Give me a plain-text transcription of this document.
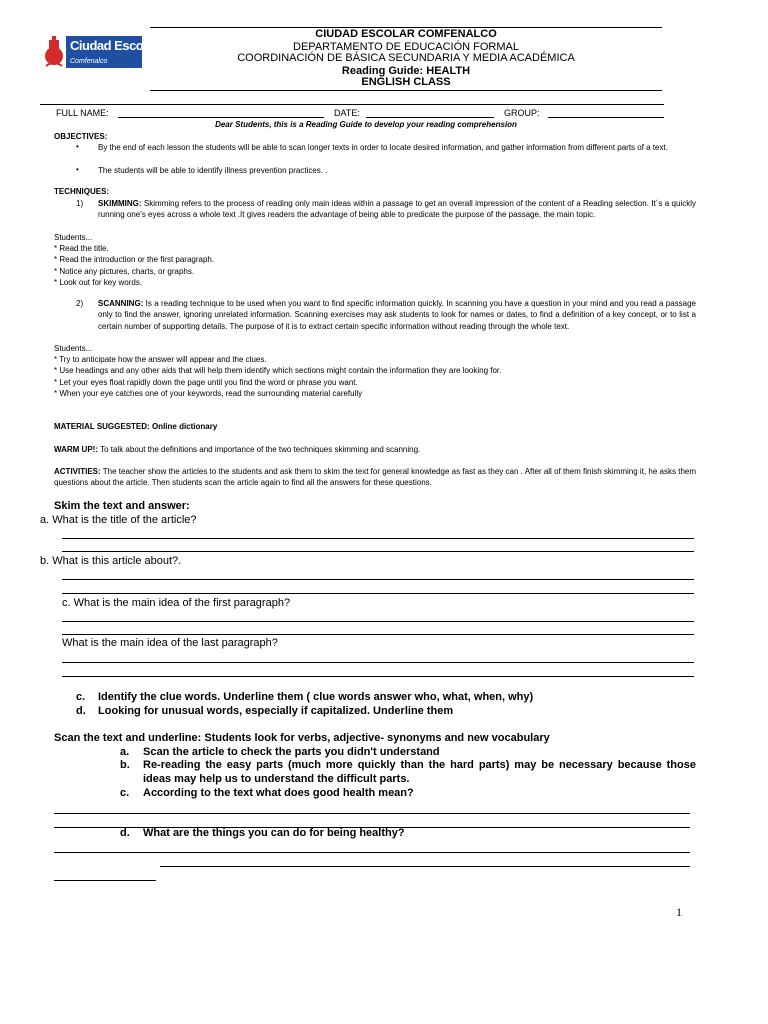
Ciudad Escolar
Comfenalco
CIUDAD ESCOLAR COMFENALCO
DEPARTAMENTO DE EDUCACIÓN FORMAL
COORDINACIÓN DE BÁSICA SECUNDARIA Y MEDIA ACADÉMICA
Reading Guide: HEALTH
ENGLISH CLASS
FULL NAME:	DATE:	GROUP:
Dear Students, this is a Reading Guide to develop your reading comprehension
OBJECTIVES:
• By the end of each lesson the students will be able to scan longer texts in order to locate desired information, and gather information from different parts of a text.
• The students will be able to identify illness prevention practices. .
TECHNIQUES:
1) SKIMMING: Skimming refers to the process of reading only main ideas within a passage to get an overall impression of the content of a Reading selection. It´s a quickly running one's eyes across a whole text .It gives readers the advantage of being able to predicate the purpose of the passage, the main topic.
Students...
* Read the title.
* Read the introduction or the first paragraph.
* Notice any pictures, charts, or graphs.
* Look out for key words.
2) SCANNING: Is a reading technique to be used when you want to find specific information quickly. In scanning you have a question in your mind and you read a passage only to find the answer, ignoring unrelated information. Scanning exercises may ask students to look for names or dates, to find a definition of a key concept, or to list a certain number of supporting details. The purpose of it is to extract certain specific information without reading through the whole text.
Students...
* Try to anticipate how the answer will appear and the clues.
* Use headings and any other aids that will help them identify which sections might contain the information they are looking for.
* Let your eyes float rapidly down the page until you find the word or phrase you want.
* When your eye catches one of your keywords, read the surrounding material carefully
MATERIAL SUGGESTED: Online dictionary
WARM UP!: To talk about the definitions and importance of the two techniques skimming and scanning.
ACTIVITIES: The teacher show the articles to the students and ask them to skim the text for general knowledge as fast as they can . After all of them finish skimming it, he asks them questions about the article. Then students scan the article again to find all the answers for these questions.
Skim the text and answer:
a. What is the title of the article?
b. What is this article about?.
c. What is the main idea of the first paragraph?
What is the main idea of the last paragraph?
c. Identify the clue words. Underline them ( clue words answer who, what, when, why)
d. Looking for unusual words, especially if capitalized. Underline them
Scan the text and underline: Students look for verbs, adjective- synonyms and new vocabulary
a. Scan the article to check the parts you didn't understand
b. Re-reading the easy parts (much more quickly than the hard parts) may be necessary because those ideas may help us to understand the difficult parts.
c. According to the text what does good health mean?
d. What are the things you can do for being healthy?
1
